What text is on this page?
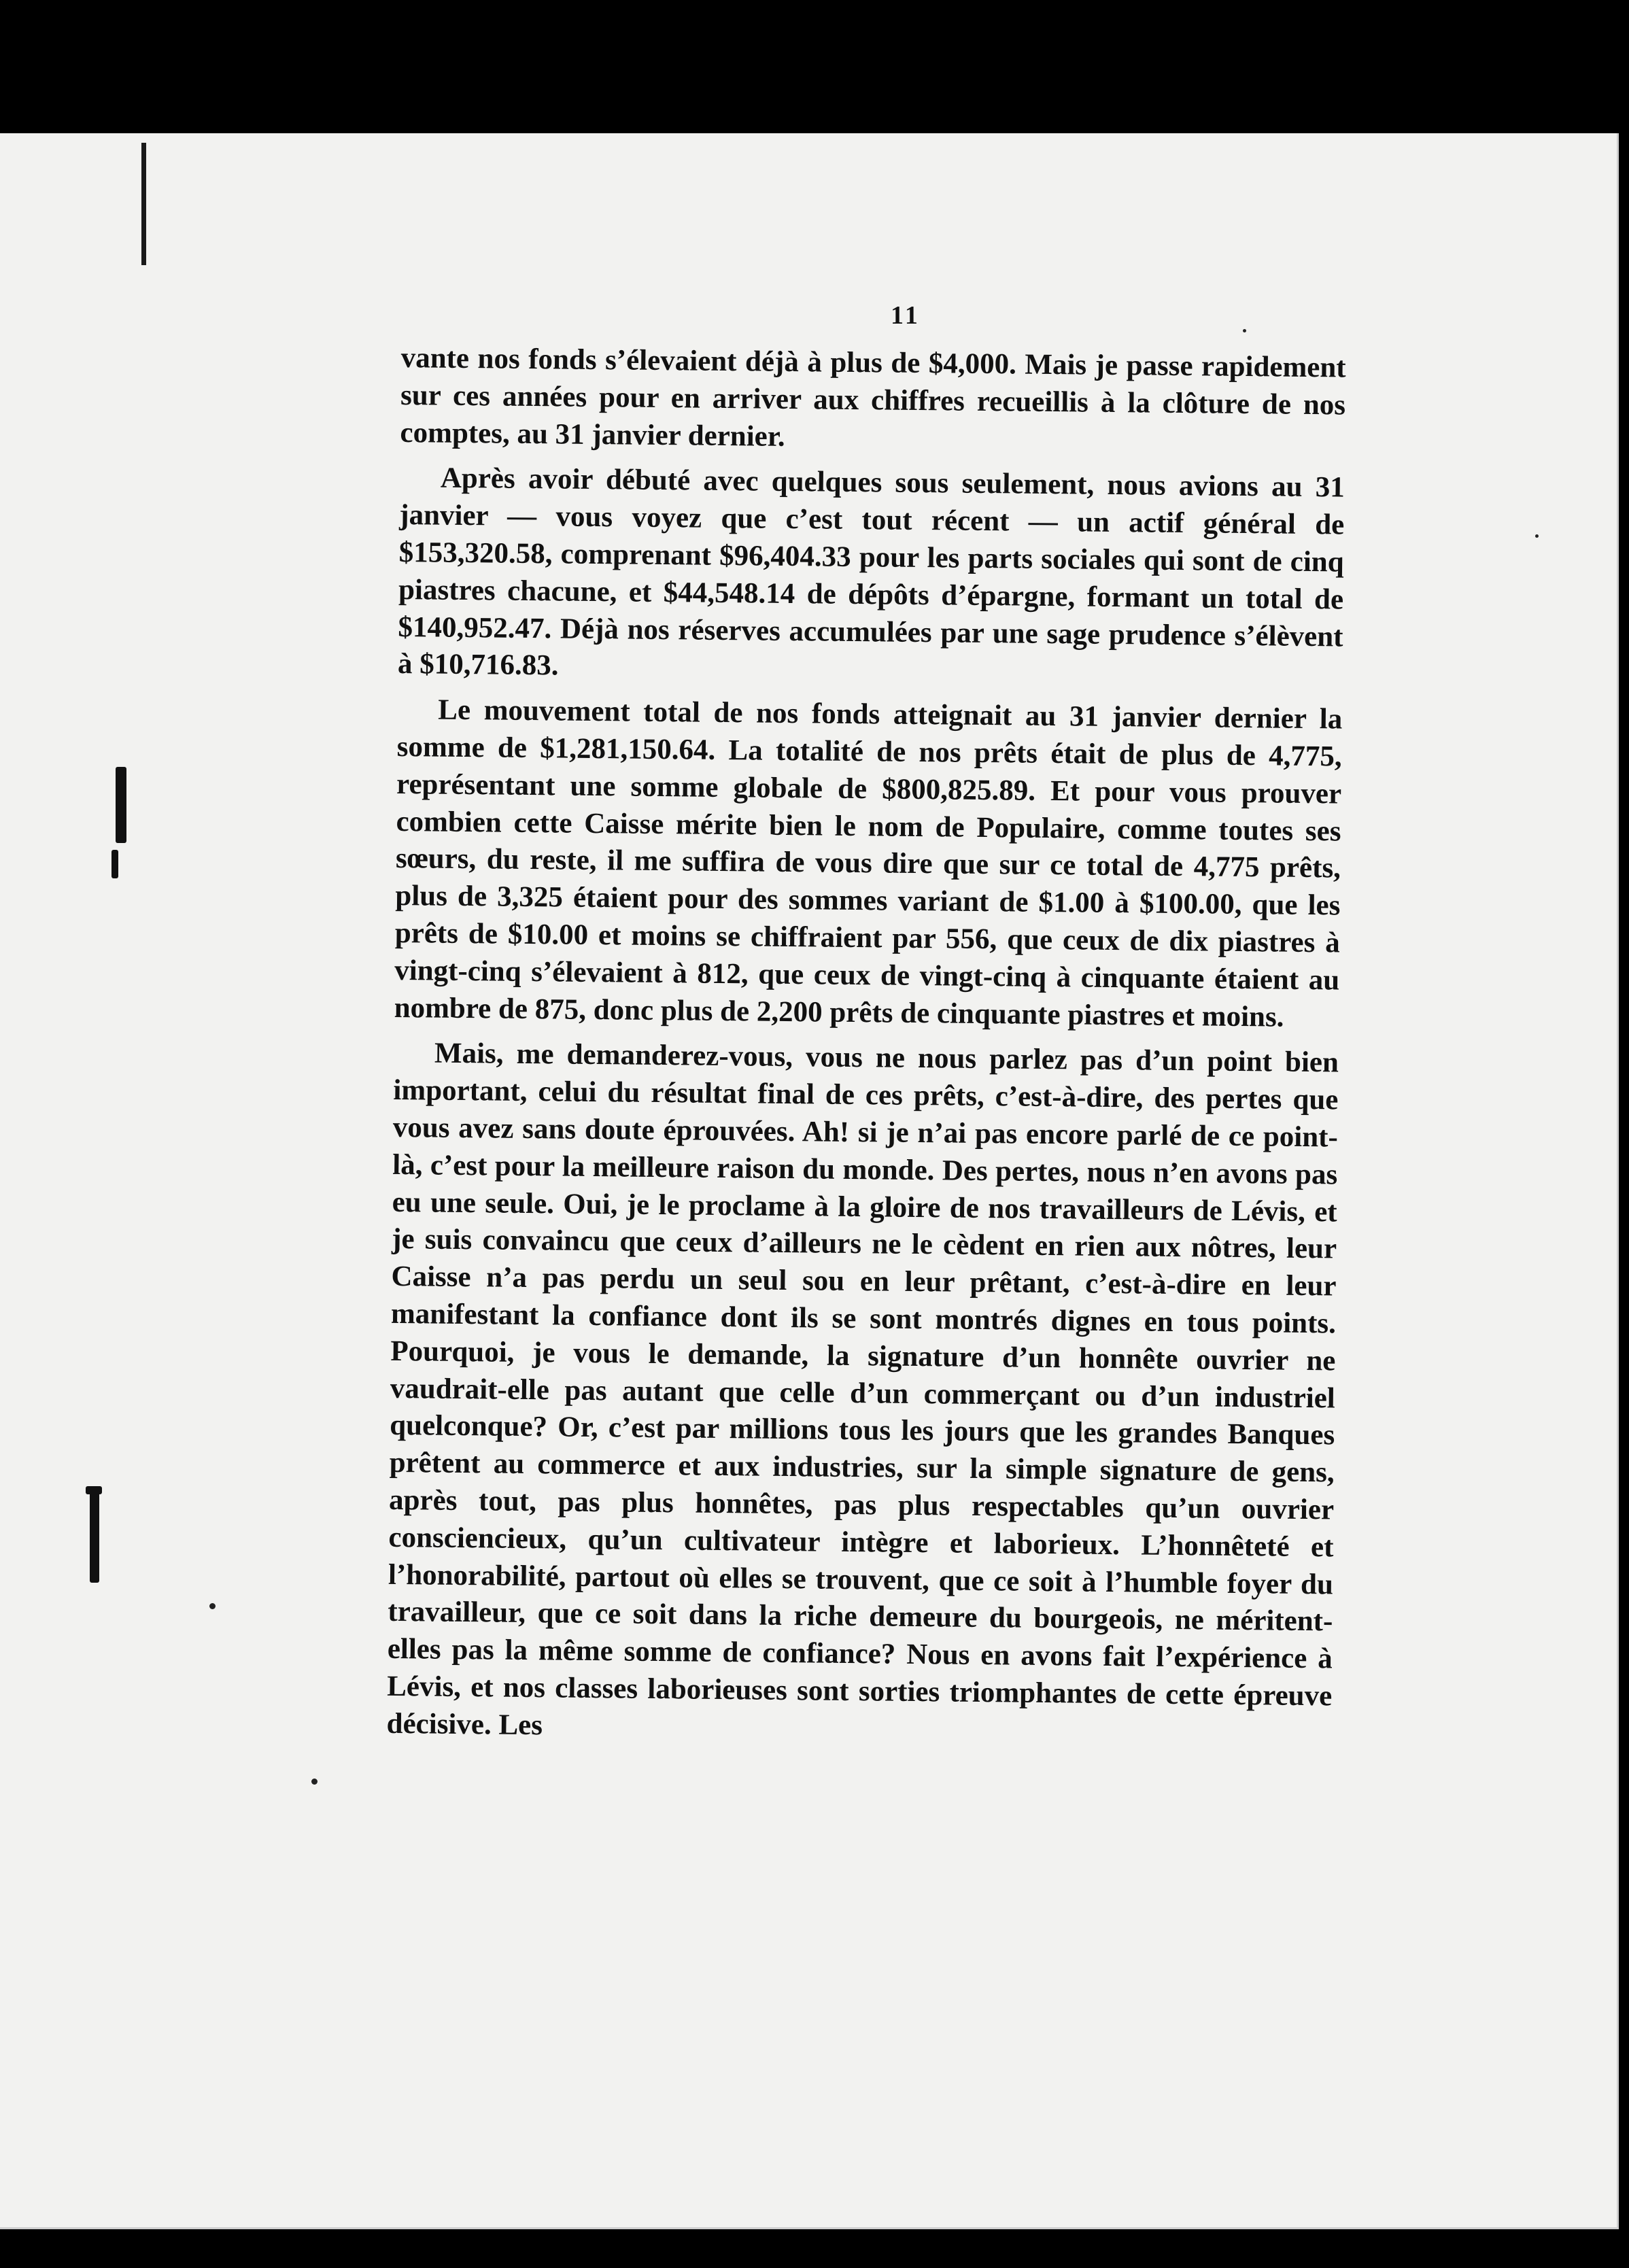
11

vante nos fonds s’élevaient déjà à plus de $4,000. Mais je passe rapidement sur ces années pour en arriver aux chiffres recueillis à la clôture de nos comptes, au 31 janvier dernier.

Après avoir débuté avec quelques sous seulement, nous avions au 31 janvier — vous voyez que c’est tout récent — un actif général de $153,320.58, comprenant $96,404.33 pour les parts sociales qui sont de cinq piastres chacune, et $44,548.14 de dépôts d’épargne, formant un total de $140,952.47. Déjà nos réserves accumulées par une sage prudence s’élèvent à $10,716.83.

Le mouvement total de nos fonds atteignait au 31 janvier dernier la somme de $1,281,150.64. La totalité de nos prêts était de plus de 4,775, représentant une somme globale de $800,825.89. Et pour vous prouver combien cette Caisse mérite bien le nom de Populaire, comme toutes ses sœurs, du reste, il me suffira de vous dire que sur ce total de 4,775 prêts, plus de 3,325 étaient pour des sommes variant de $1.00 à $100.00, que les prêts de $10.00 et moins se chiffraient par 556, que ceux de dix piastres à vingt-cinq s’élevaient à 812, que ceux de vingt-cinq à cinquante étaient au nombre de 875, donc plus de 2,200 prêts de cinquante piastres et moins.

Mais, me demanderez-vous, vous ne nous parlez pas d’un point bien important, celui du résultat final de ces prêts, c’est-à-dire, des pertes que vous avez sans doute éprouvées. Ah! si je n’ai pas encore parlé de ce point-là, c’est pour la meilleure raison du monde. Des pertes, nous n’en avons pas eu une seule. Oui, je le proclame à la gloire de nos travailleurs de Lévis, et je suis convaincu que ceux d’ailleurs ne le cèdent en rien aux nôtres, leur Caisse n’a pas perdu un seul sou en leur prêtant, c’est-à-dire en leur manifestant la confiance dont ils se sont montrés dignes en tous points. Pourquoi, je vous le demande, la signature d’un honnête ouvrier ne vaudrait-elle pas autant que celle d’un commerçant ou d’un industriel quelconque? Or, c’est par millions tous les jours que les grandes Banques prêtent au commerce et aux industries, sur la simple signature de gens, après tout, pas plus honnêtes, pas plus respectables qu’un ouvrier consciencieux, qu’un cultivateur intègre et laborieux. L’honnêteté et l’honorabilité, partout où elles se trouvent, que ce soit à l’humble foyer du travailleur, que ce soit dans la riche demeure du bourgeois, ne méritent-elles pas la même somme de confiance? Nous en avons fait l’expérience à Lévis, et nos classes laborieuses sont sorties triomphantes de cette épreuve décisive. Les
